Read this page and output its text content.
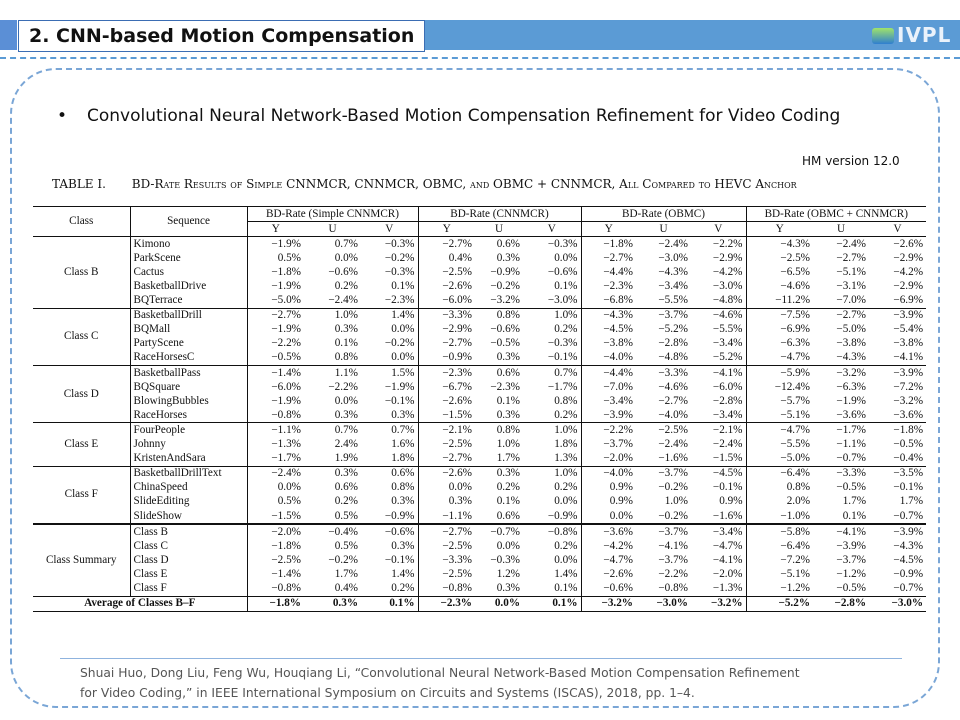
2. CNN-based Motion Compensation	IVPL
• Convolutional Neural Network-Based Motion Compensation Refinement for Video Coding
HM version 12.0
TABLE I. BD-Rate Results of Simple CNNMCR, CNNMCR, OBMC, and OBMC + CNNMCR, All Compared to HEVC Anchor
Class	Sequence	BD-Rate (Simple CNNMCR)			BD-Rate (CNNMCR)			BD-Rate (OBMC)			BD-Rate (OBMC + CNNMCR)		
		Y	U	V	Y	U	V	Y	U	V	Y	U	V
Class B	Kimono	−1.9%	0.7%	−0.3%	−2.7%	0.6%	−0.3%	−1.8%	−2.4%	−2.2%	−4.3%	−2.4%	−2.6%
	ParkScene	0.5%	0.0%	−0.2%	0.4%	0.3%	0.0%	−2.7%	−3.0%	−2.9%	−2.5%	−2.7%	−2.9%
	Cactus	−1.8%	−0.6%	−0.3%	−2.5%	−0.9%	−0.6%	−4.4%	−4.3%	−4.2%	−6.5%	−5.1%	−4.2%
	BasketballDrive	−1.9%	0.2%	0.1%	−2.6%	−0.2%	0.1%	−2.3%	−3.4%	−3.0%	−4.6%	−3.1%	−2.9%
	BQTerrace	−5.0%	−2.4%	−2.3%	−6.0%	−3.2%	−3.0%	−6.8%	−5.5%	−4.8%	−11.2%	−7.0%	−6.9%
Class C	BasketballDrill	−2.7%	1.0%	1.4%	−3.3%	0.8%	1.0%	−4.3%	−3.7%	−4.6%	−7.5%	−2.7%	−3.9%
	BQMall	−1.9%	0.3%	0.0%	−2.9%	−0.6%	0.2%	−4.5%	−5.2%	−5.5%	−6.9%	−5.0%	−5.4%
	PartyScene	−2.2%	0.1%	−0.2%	−2.7%	−0.5%	−0.3%	−3.8%	−2.8%	−3.4%	−6.3%	−3.8%	−3.8%
	RaceHorsesC	−0.5%	0.8%	0.0%	−0.9%	0.3%	−0.1%	−4.0%	−4.8%	−5.2%	−4.7%	−4.3%	−4.1%
Class D	BasketballPass	−1.4%	1.1%	1.5%	−2.3%	0.6%	0.7%	−4.4%	−3.3%	−4.1%	−5.9%	−3.2%	−3.9%
	BQSquare	−6.0%	−2.2%	−1.9%	−6.7%	−2.3%	−1.7%	−7.0%	−4.6%	−6.0%	−12.4%	−6.3%	−7.2%
	BlowingBubbles	−1.9%	0.0%	−0.1%	−2.6%	0.1%	0.8%	−3.4%	−2.7%	−2.8%	−5.7%	−1.9%	−3.2%
	RaceHorses	−0.8%	0.3%	0.3%	−1.5%	0.3%	0.2%	−3.9%	−4.0%	−3.4%	−5.1%	−3.6%	−3.6%
Class E	FourPeople	−1.1%	0.7%	0.7%	−2.1%	0.8%	1.0%	−2.2%	−2.5%	−2.1%	−4.7%	−1.7%	−1.8%
	Johnny	−1.3%	2.4%	1.6%	−2.5%	1.0%	1.8%	−3.7%	−2.4%	−2.4%	−5.5%	−1.1%	−0.5%
	KristenAndSara	−1.7%	1.9%	1.8%	−2.7%	1.7%	1.3%	−2.0%	−1.6%	−1.5%	−5.0%	−0.7%	−0.4%
Class F	BasketballDrillText	−2.4%	0.3%	0.6%	−2.6%	0.3%	1.0%	−4.0%	−3.7%	−4.5%	−6.4%	−3.3%	−3.5%
	ChinaSpeed	0.0%	0.6%	0.8%	0.0%	0.2%	0.2%	0.9%	−0.2%	−0.1%	0.8%	−0.5%	−0.1%
	SlideEditing	0.5%	0.2%	0.3%	0.3%	0.1%	0.0%	0.9%	1.0%	0.9%	2.0%	1.7%	1.7%
	SlideShow	−1.5%	0.5%	−0.9%	−1.1%	0.6%	−0.9%	0.0%	−0.2%	−1.6%	−1.0%	0.1%	−0.7%
Class Summary	Class B	−2.0%	−0.4%	−0.6%	−2.7%	−0.7%	−0.8%	−3.6%	−3.7%	−3.4%	−5.8%	−4.1%	−3.9%
	Class C	−1.8%	0.5%	0.3%	−2.5%	0.0%	0.2%	−4.2%	−4.1%	−4.7%	−6.4%	−3.9%	−4.3%
	Class D	−2.5%	−0.2%	−0.1%	−3.3%	−0.3%	0.0%	−4.7%	−3.7%	−4.1%	−7.2%	−3.7%	−4.5%
	Class E	−1.4%	1.7%	1.4%	−2.5%	1.2%	1.4%	−2.6%	−2.2%	−2.0%	−5.1%	−1.2%	−0.9%
	Class F	−0.8%	0.4%	0.2%	−0.8%	0.3%	0.1%	−0.6%	−0.8%	−1.3%	−1.2%	−0.5%	−0.7%
Average of Classes B–F		−1.8%	0.3%	0.1%	−2.3%	0.0%	0.1%	−3.2%	−3.0%	−3.2%	−5.2%	−2.8%	−3.0%
Shuai Huo, Dong Liu, Feng Wu, Houqiang Li, “Convolutional Neural Network-Based Motion Compensation Refinement
for Video Coding,” in IEEE International Symposium on Circuits and Systems (ISCAS), 2018, pp. 1–4.
